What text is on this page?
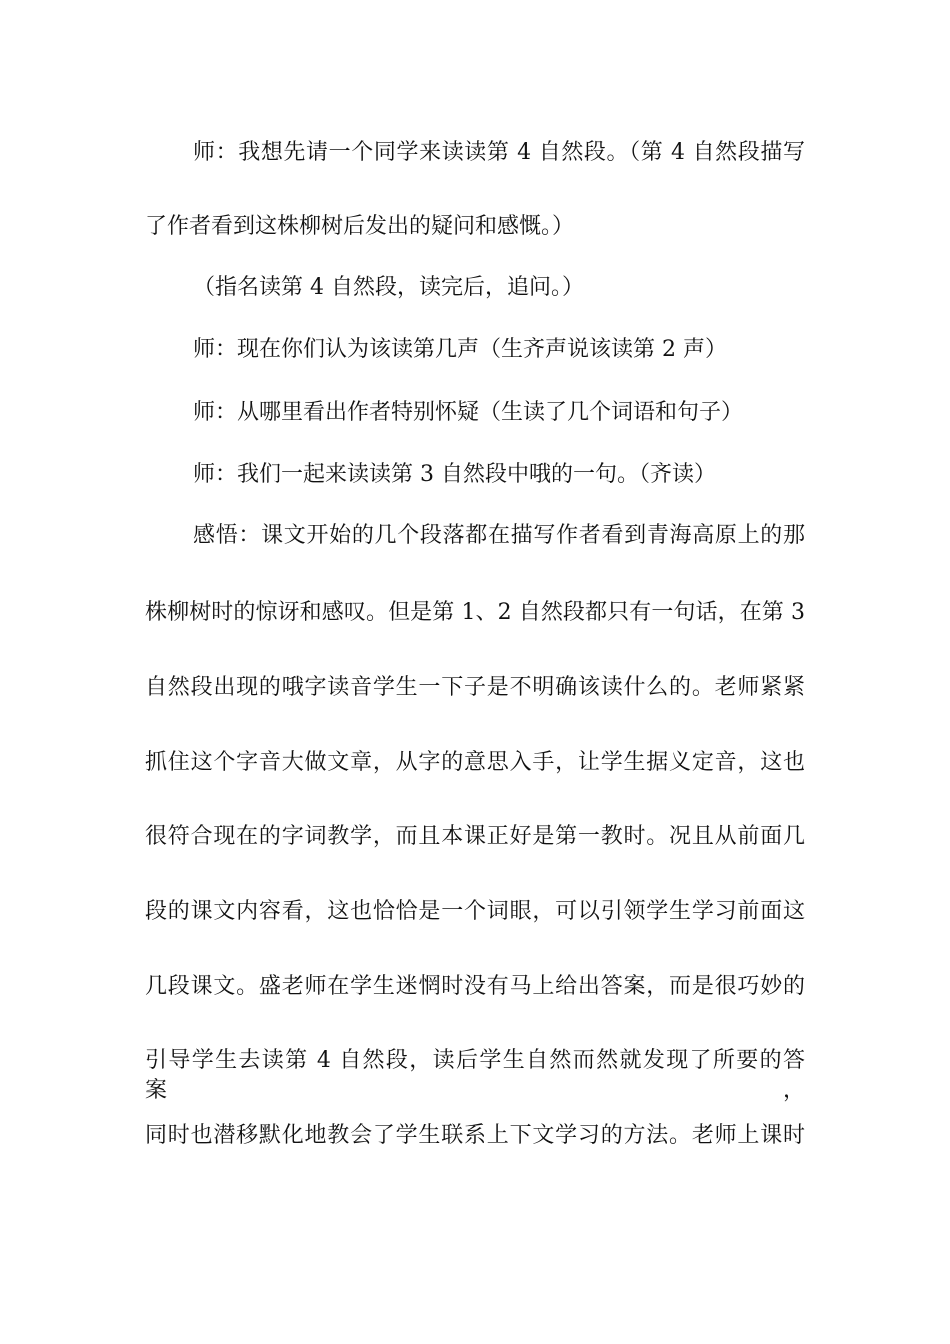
师：我想先请一个同学来读读第 4 自然段。（第 4 自然段描写
了作者看到这株柳树后发出的疑问和感慨。）
（指名读第 4 自然段，读完后，追问。）
师：现在你们认为该读第几声（生齐声说该读第 2 声）
师：从哪里看出作者特别怀疑（生读了几个词语和句子）
师：我们一起来读读第 3 自然段中哦的一句。（齐读）
感悟：课文开始的几个段落都在描写作者看到青海高原上的那
株柳树时的惊讶和感叹。但是第 1、2 自然段都只有一句话，在第 3
自然段出现的哦字读音学生一下子是不明确该读什么的。老师紧紧
抓住这个字音大做文章，从字的意思入手，让学生据义定音，这也
很符合现在的字词教学，而且本课正好是第一教时。况且从前面几
段的课文内容看，这也恰恰是一个词眼，可以引领学生学习前面这
几段课文。盛老师在学生迷惘时没有马上给出答案，而是很巧妙的
引导学生去读第 4 自然段，读后学生自然而然就发现了所要的答案，
同时也潜移默化地教会了学生联系上下文学习的方法。老师上课时
